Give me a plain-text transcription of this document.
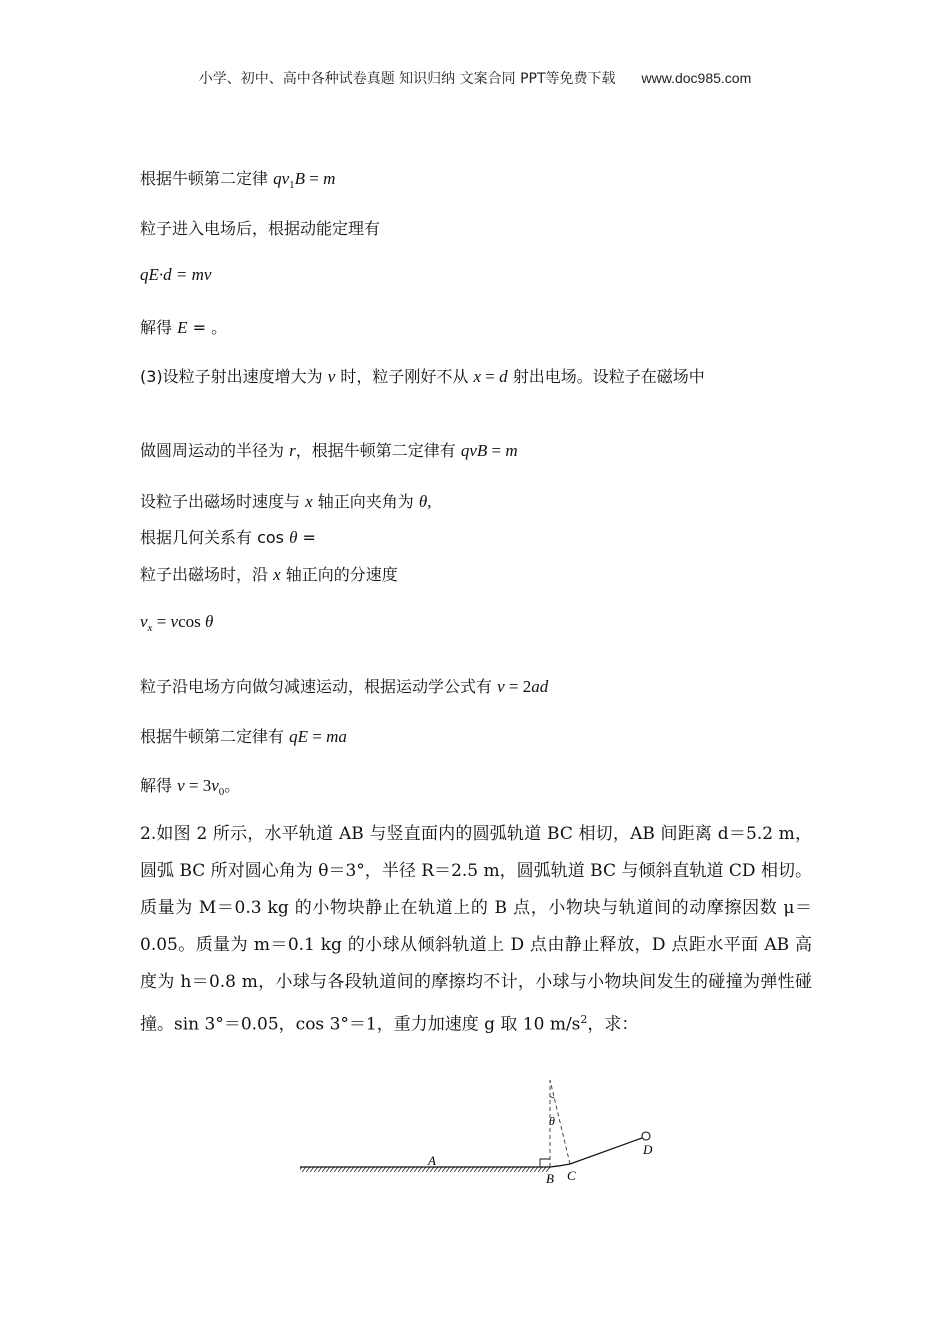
小学、初中、高中各种试卷真题 知识归纳 文案合同 PPT等免费下载 www.doc985.com
根据牛顿第二定律 $qv_1B = m$
粒子进入电场后，根据动能定理有
qE·d = mv
解得 E = 。
(3)设粒子射出速度增大为 v 时，粒子刚好不从 x = d 射出电场。设粒子在磁场中
做圆周运动的半径为 r，根据牛顿第二定律有 qvB = m
设粒子出磁场时速度与 x 轴正向夹角为 θ,
根据几何关系有 cos θ =
粒子出磁场时，沿 x 轴正向的分速度
$v_x = vcos$ θ
粒子沿电场方向做匀减速运动，根据运动学公式有 v = 2ad
根据牛顿第二定律有 qE = ma
解得 $v = 3v_0$。
2.如图 2 所示，水平轨道 AB 与竖直面内的圆弧轨道 BC 相切，AB 间距离 d＝5.2 m，圆弧 BC 所对圆心角为 θ＝3°，半径 R＝2.5 m，圆弧轨道 BC 与倾斜直轨道 CD 相切。质量为 M＝0.3 kg 的小物块静止在轨道上的 B 点，小物块与轨道间的动摩擦因数 μ＝0.05。质量为 m＝0.1 kg 的小球从倾斜轨道上 D 点由静止释放，D 点距水平面 AB 高度为 h＝0.8 m，小球与各段轨道间的摩擦均不计，小球与小物块间发生的碰撞为弹性碰撞。sin 3°＝0.05，cos 3°＝1，重力加速度 g 取 10 $m/s^2$，求：
A
B C
D
θ
